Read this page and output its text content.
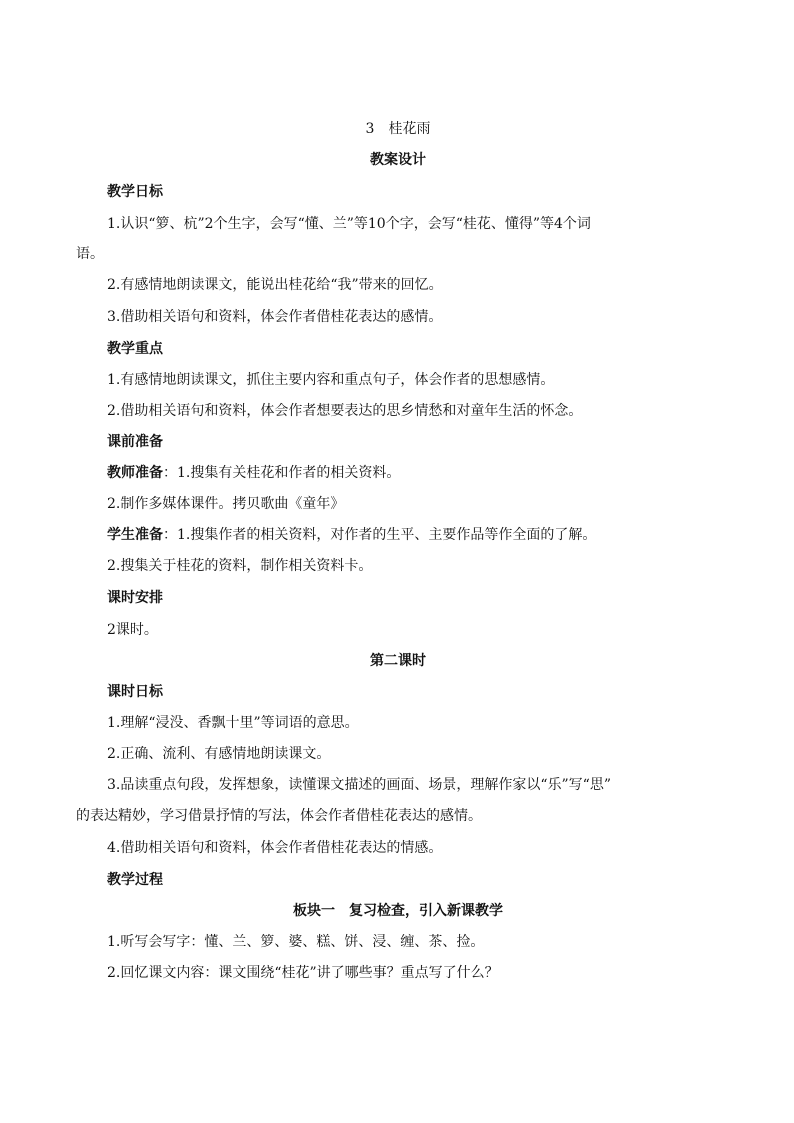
3　桂花雨
教案设计
教学日标
1.认识“箩、杭”2个生字，会写“懂、兰”等10个字，会写“桂花、懂得”等4个词
语。
2.有感情地朗读课文，能说出桂花给“我”带来的回忆。
3.借助相关语句和资料，体会作者借桂花表达的感情。
教学重点
1.有感情地朗读课文，抓住主要内容和重点句子，体会作者的思想感情。
2.借助相关语句和资料，体会作者想要表达的思乡情愁和对童年生活的怀念。
课前准备
教师准备：1.搜集有关桂花和作者的相关资料。
2.制作多媒体课件。拷贝歌曲《童年》
学生准备：1.搜集作者的相关资料，对作者的生平、主要作品等作全面的了解。
2.搜集关于桂花的资料，制作相关资料卡。
课时安排
2课时。
第二课时
课时日标
1.理解“浸没、香飘十里”等词语的意思。
2.正确、流利、有感情地朗读课文。
3.品读重点句段，发挥想象，读懂课文描述的画面、场景，理解作家以“乐”写“思”
的表达精妙，学习借景抒情的写法，体会作者借桂花表达的感情。
4.借助相关语句和资料，体会作者借桂花表达的情感。
教学过程
板块一　复习检查，引入新课教学
1.听写会写字：懂、兰、箩、婆、糕、饼、浸、缠、茶、捡。
2.回忆课文内容：课文围绕“桂花”讲了哪些事？重点写了什么？
